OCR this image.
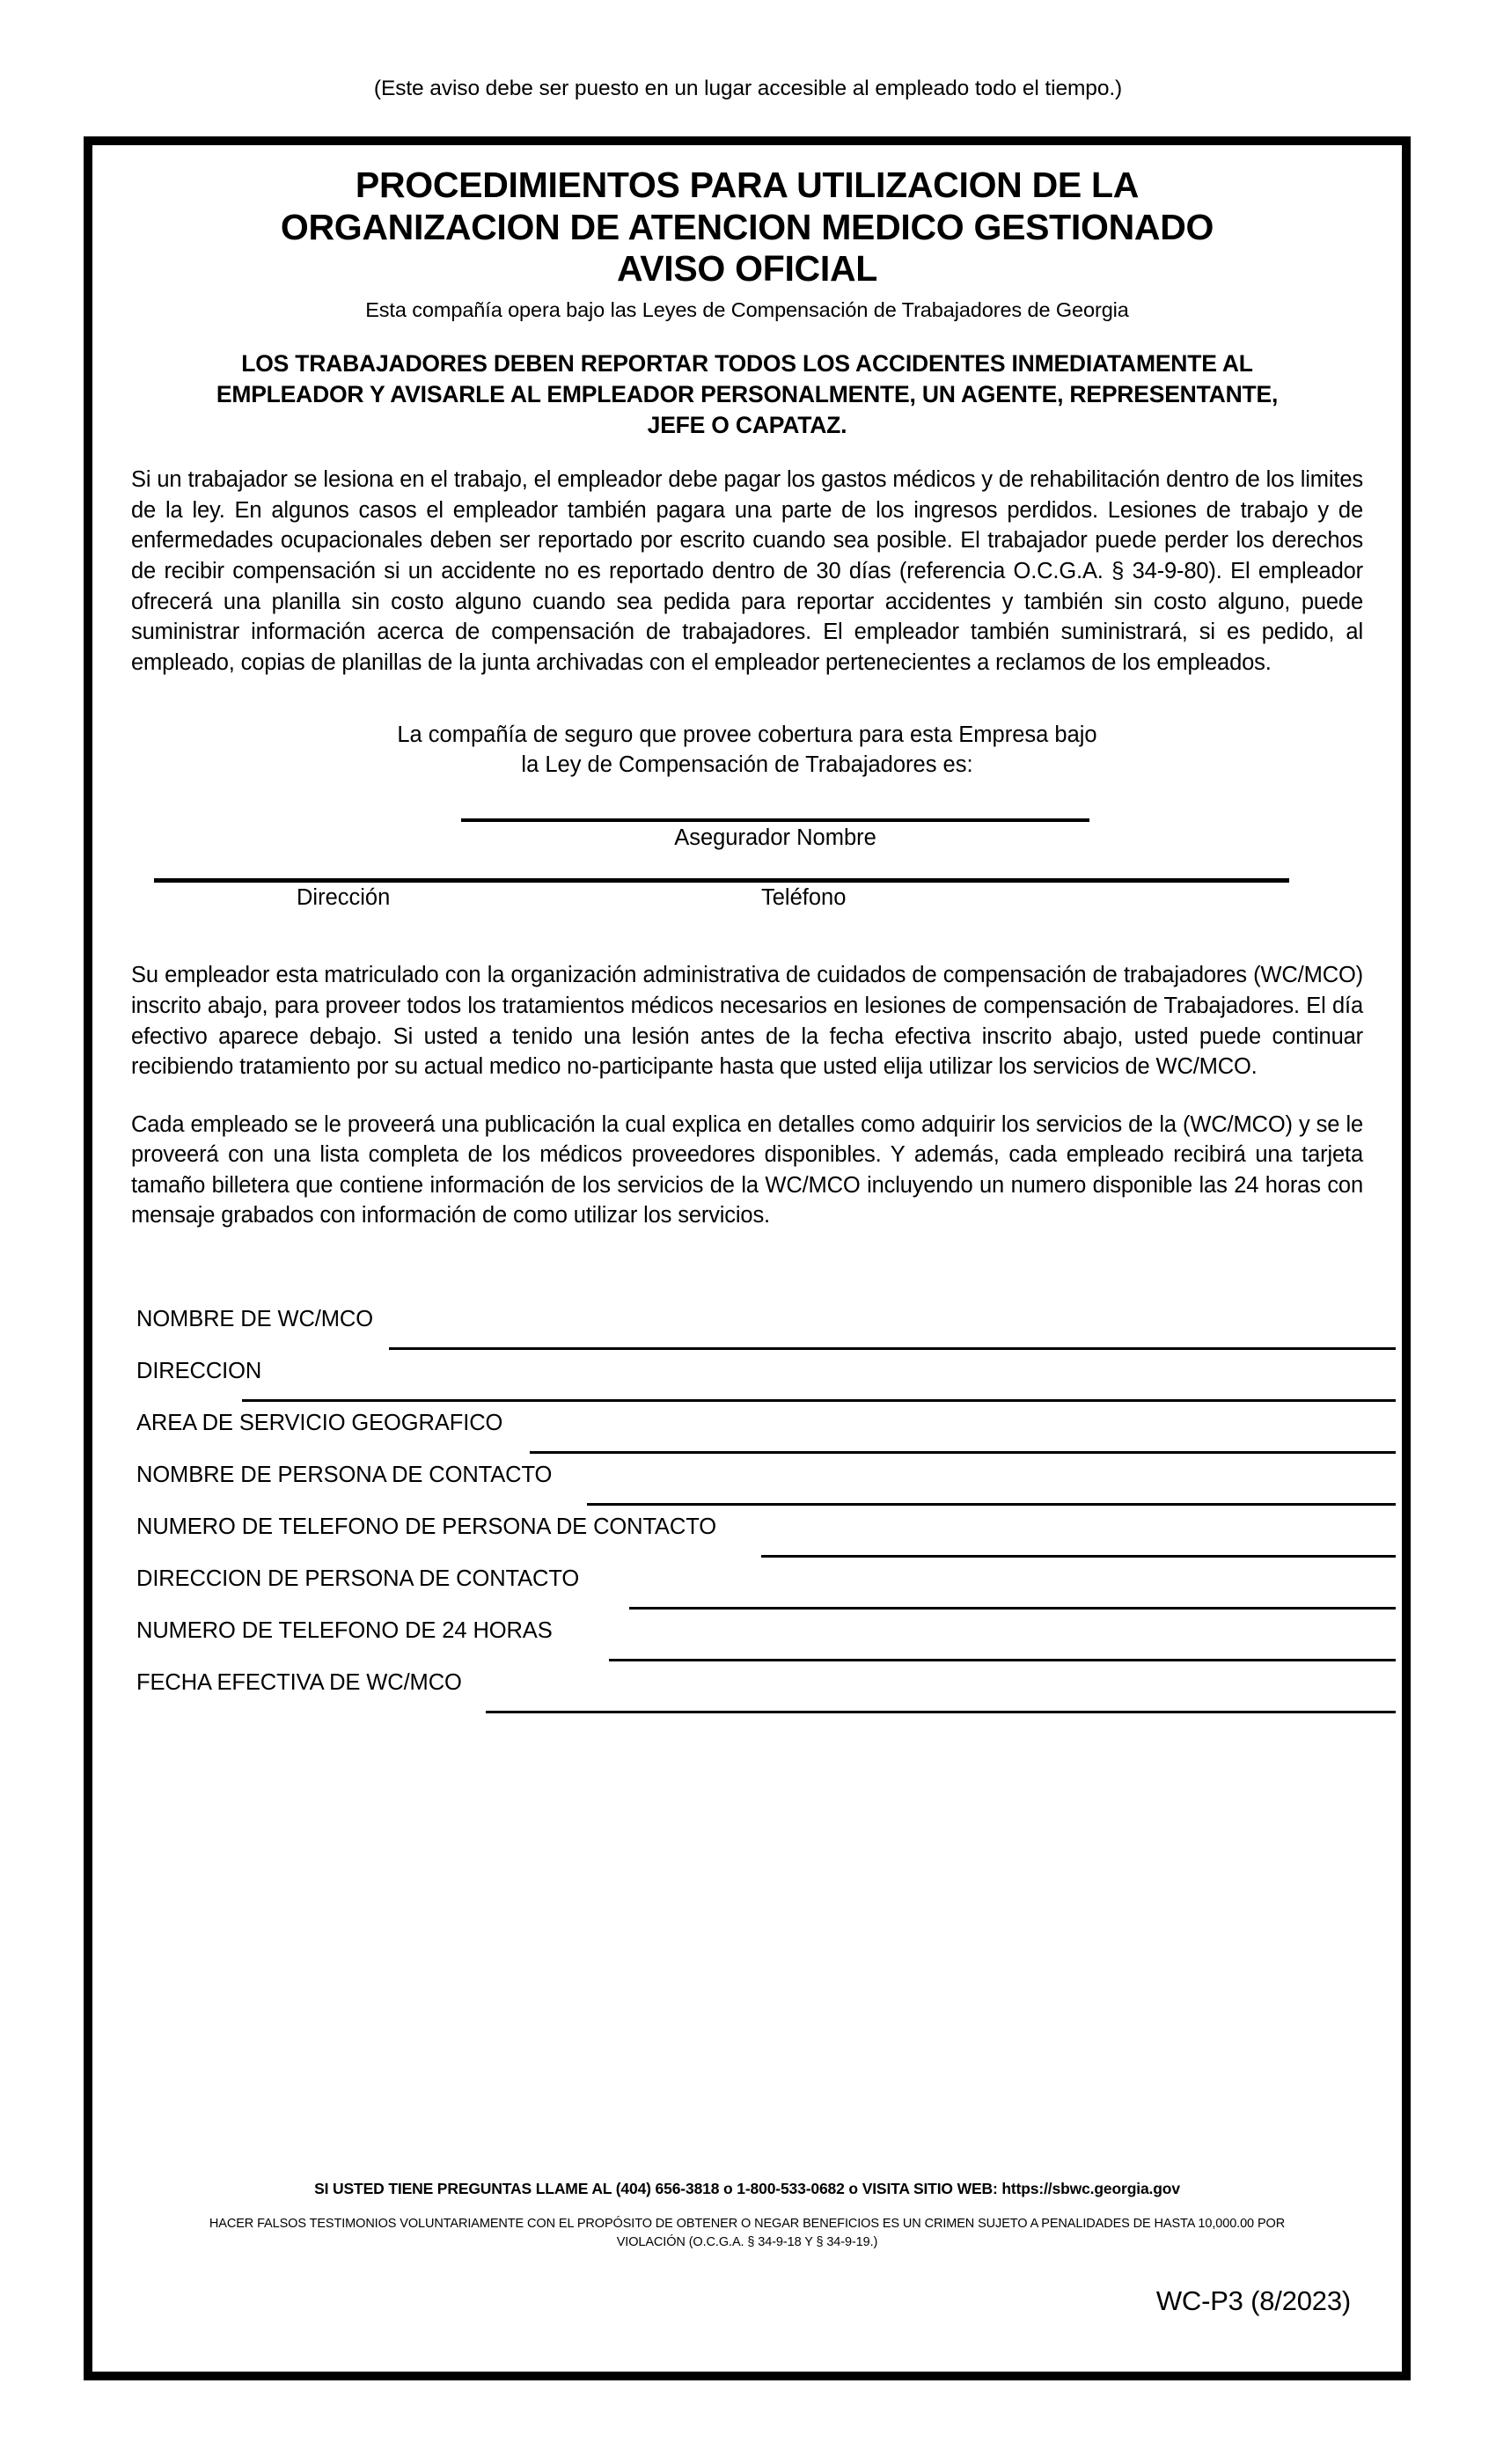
(Este aviso debe ser puesto en un lugar accesible al empleado todo el tiempo.)
PROCEDIMIENTOS PARA UTILIZACION DE LA
ORGANIZACION DE ATENCION MEDICO GESTIONADO
AVISO OFICIAL
Esta compañía opera bajo las Leyes de Compensación de Trabajadores de Georgia
LOS TRABAJADORES DEBEN REPORTAR TODOS LOS ACCIDENTES INMEDIATAMENTE AL
EMPLEADOR Y AVISARLE AL EMPLEADOR PERSONALMENTE, UN AGENTE, REPRESENTANTE,
JEFE O CAPATAZ.
Si un trabajador se lesiona en el trabajo, el empleador debe pagar los gastos médicos y de rehabilitación dentro de los limites de la ley. En algunos casos el empleador también pagara una parte de los ingresos perdidos. Lesiones de trabajo y de enfermedades ocupacionales deben ser reportado por escrito cuando sea posible. El trabajador puede perder los derechos de recibir compensación si un accidente no es reportado dentro de 30 días (referencia O.C.G.A. § 34-9-80). El empleador ofrecerá una planilla sin costo alguno cuando sea pedida para reportar accidentes y también sin costo alguno, puede suministrar información acerca de compensación de trabajadores. El empleador también suministrará, si es pedido, al empleado, copias de planillas de la junta archivadas con el empleador pertenecientes a reclamos de los empleados.
La compañía de seguro que provee cobertura para esta Empresa bajo
la Ley de Compensación de Trabajadores es:
Asegurador Nombre
Dirección	Teléfono
Su empleador esta matriculado con la organización administrativa de cuidados de compensación de trabajadores (WC/MCO) inscrito abajo, para proveer todos los tratamientos médicos necesarios en lesiones de compensación de Trabajadores. El día efectivo aparece debajo. Si usted a tenido una lesión antes de la fecha efectiva inscrito abajo, usted puede continuar recibiendo tratamiento por su actual medico no-participante hasta que usted elija utilizar los servicios de WC/MCO.
Cada empleado se le proveerá una publicación la cual explica en detalles como adquirir los servicios de la (WC/MCO) y se le proveerá con una lista completa de los médicos proveedores disponibles. Y además, cada empleado recibirá una tarjeta tamaño billetera que contiene información de los servicios de la WC/MCO incluyendo un numero disponible las 24 horas con mensaje grabados con información de como utilizar los servicios.
NOMBRE DE WC/MCO
DIRECCION
AREA DE SERVICIO GEOGRAFICO
NOMBRE DE PERSONA DE CONTACTO
NUMERO DE TELEFONO DE PERSONA DE CONTACTO
DIRECCION DE PERSONA DE CONTACTO
NUMERO DE TELEFONO DE 24 HORAS
FECHA EFECTIVA DE WC/MCO
SI USTED TIENE PREGUNTAS LLAME AL (404) 656-3818 o 1-800-533-0682 o VISITA SITIO WEB: https://sbwc.georgia.gov
HACER FALSOS TESTIMONIOS VOLUNTARIAMENTE CON EL PROPÓSITO DE OBTENER O NEGAR BENEFICIOS ES UN CRIMEN SUJETO A PENALIDADES DE HASTA 10,000.00 POR
VIOLACIÓN (O.C.G.A. § 34-9-18 Y § 34-9-19.)
WC-P3 (8/2023)
